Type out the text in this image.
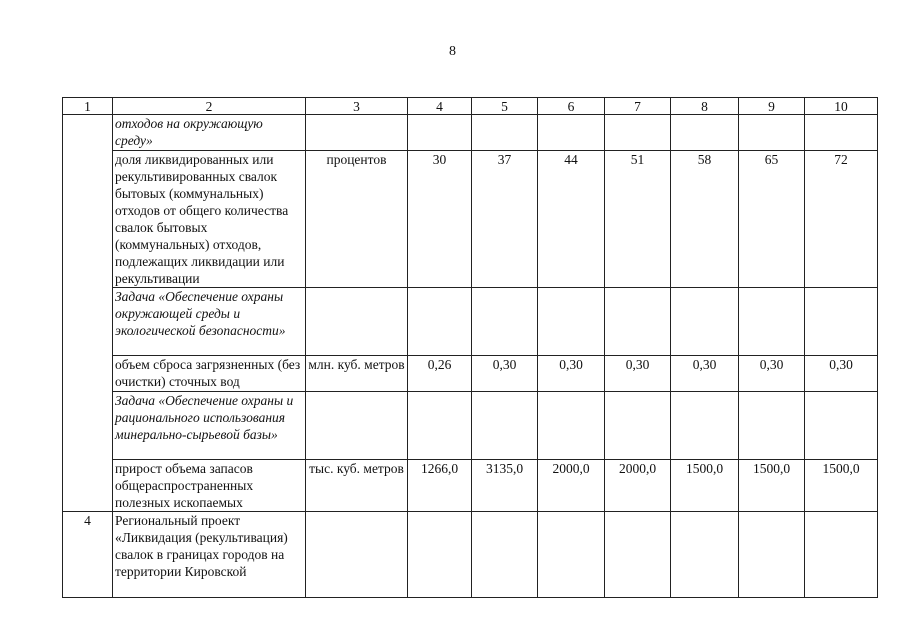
8
1	2	3	4	5	6	7	8	9	10
	отходов на окружающую среду»								
	доля ликвидированных или рекультивированных свалок бытовых (коммунальных) отходов от общего количества свалок бытовых (коммунальных) отходов, подлежащих ликвидации или рекультивации	процентов	30	37	44	51	58	65	72
	Задача «Обеспечение охраны окружающей среды и экологической безопасности»								
	объем сброса загрязненных (без очистки) сточных вод	млн. куб. метров	0,26	0,30	0,30	0,30	0,30	0,30	0,30
	Задача «Обеспечение охраны и рационального использования минерально-сырьевой базы»								
	прирост объема запасов общераспространенных полезных ископаемых	тыс. куб. метров	1266,0	3135,0	2000,0	2000,0	1500,0	1500,0	1500,0
4	Региональный проект «Ликвидация (рекультивация) свалок в границах городов на территории Кировской								
